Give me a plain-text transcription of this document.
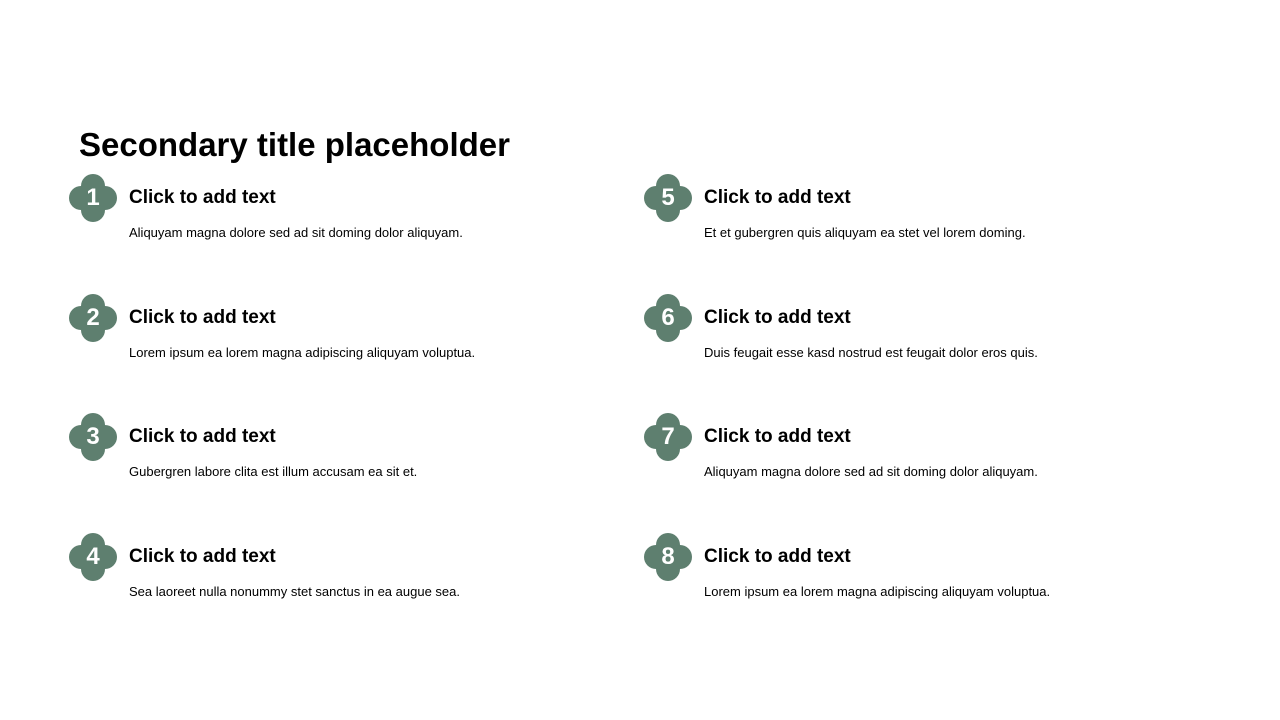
Secondary title placeholder
1	Click to add text
Aliquyam magna dolore sed ad sit doming dolor aliquyam.
2	Click to add text
Lorem ipsum ea lorem magna adipiscing aliquyam voluptua.
3	Click to add text
Gubergren labore clita est illum accusam ea sit et.
4	Click to add text
Sea laoreet nulla nonummy stet sanctus in ea augue sea.
5	Click to add text
Et et gubergren quis aliquyam ea stet vel lorem doming.
6	Click to add text
Duis feugait esse kasd nostrud est feugait dolor eros quis.
7	Click to add text
Aliquyam magna dolore sed ad sit doming dolor aliquyam.
8	Click to add text
Lorem ipsum ea lorem magna adipiscing aliquyam voluptua.
